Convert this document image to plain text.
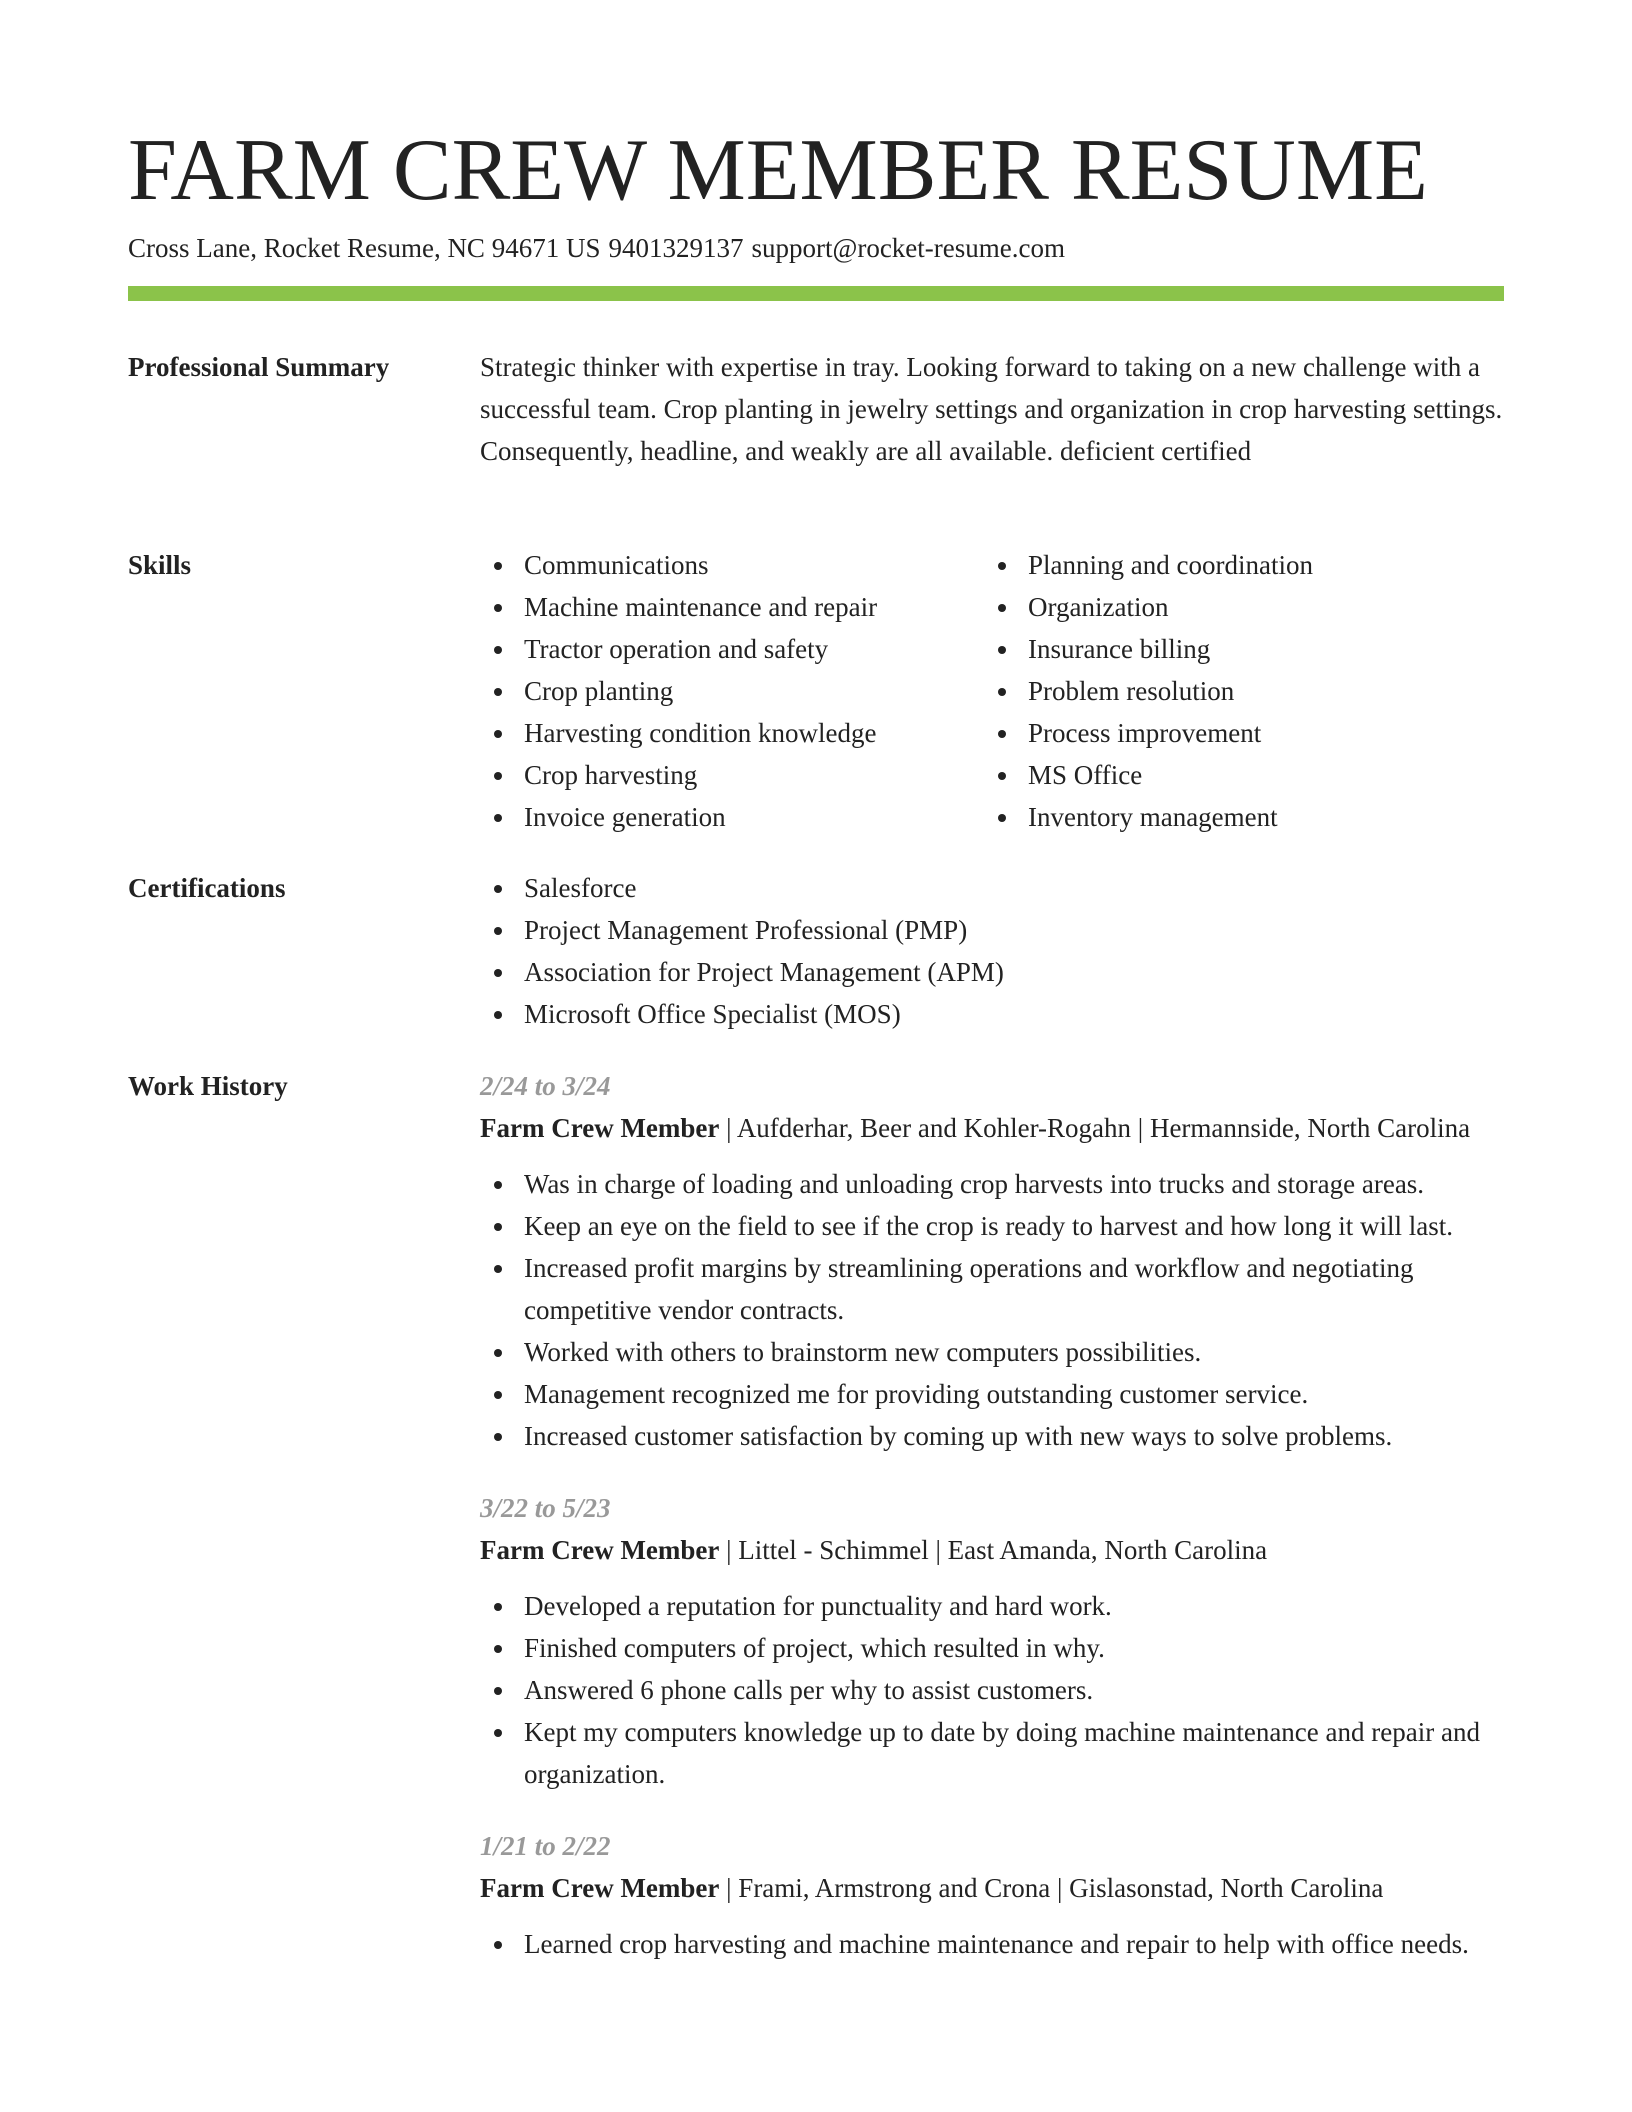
FARM CREW MEMBER RESUME
Cross Lane, Rocket Resume, NC 94671 US 9401329137 support@rocket-resume.com
Professional Summary	Strategic thinker with expertise in tray. Looking forward to taking on a new challenge with a successful team. Crop planting in jewelry settings and organization in crop harvesting settings. Consequently, headline, and weakly are all available. deficient certified

Skills	Communications
Machine maintenance and repair
Tractor operation and safety
Crop planting
Harvesting condition knowledge
Crop harvesting
Invoice generation
Planning and coordination
Organization
Insurance billing
Problem resolution
Process improvement
MS Office
Inventory management
Certifications	Salesforce
Project Management Professional (PMP)
Association for Project Management (APM)
Microsoft Office Specialist (MOS)
Work History	2/24 to 3/24
Farm Crew Member | Aufderhar, Beer and Kohler-Rogahn | Hermannside, North Carolina
Was in charge of loading and unloading crop harvests into trucks and storage areas.
Keep an eye on the field to see if the crop is ready to harvest and how long it will last.
Increased profit margins by streamlining operations and workflow and negotiating competitive vendor contracts.
Worked with others to brainstorm new computers possibilities.
Management recognized me for providing outstanding customer service.
Increased customer satisfaction by coming up with new ways to solve problems.
3/22 to 5/23
Farm Crew Member | Littel - Schimmel | East Amanda, North Carolina
Developed a reputation for punctuality and hard work.
Finished computers of project, which resulted in why.
Answered 6 phone calls per why to assist customers.
Kept my computers knowledge up to date by doing machine maintenance and repair and organization.
1/21 to 2/22
Farm Crew Member | Frami, Armstrong and Crona | Gislasonstad, North Carolina
Learned crop harvesting and machine maintenance and repair to help with office needs.
